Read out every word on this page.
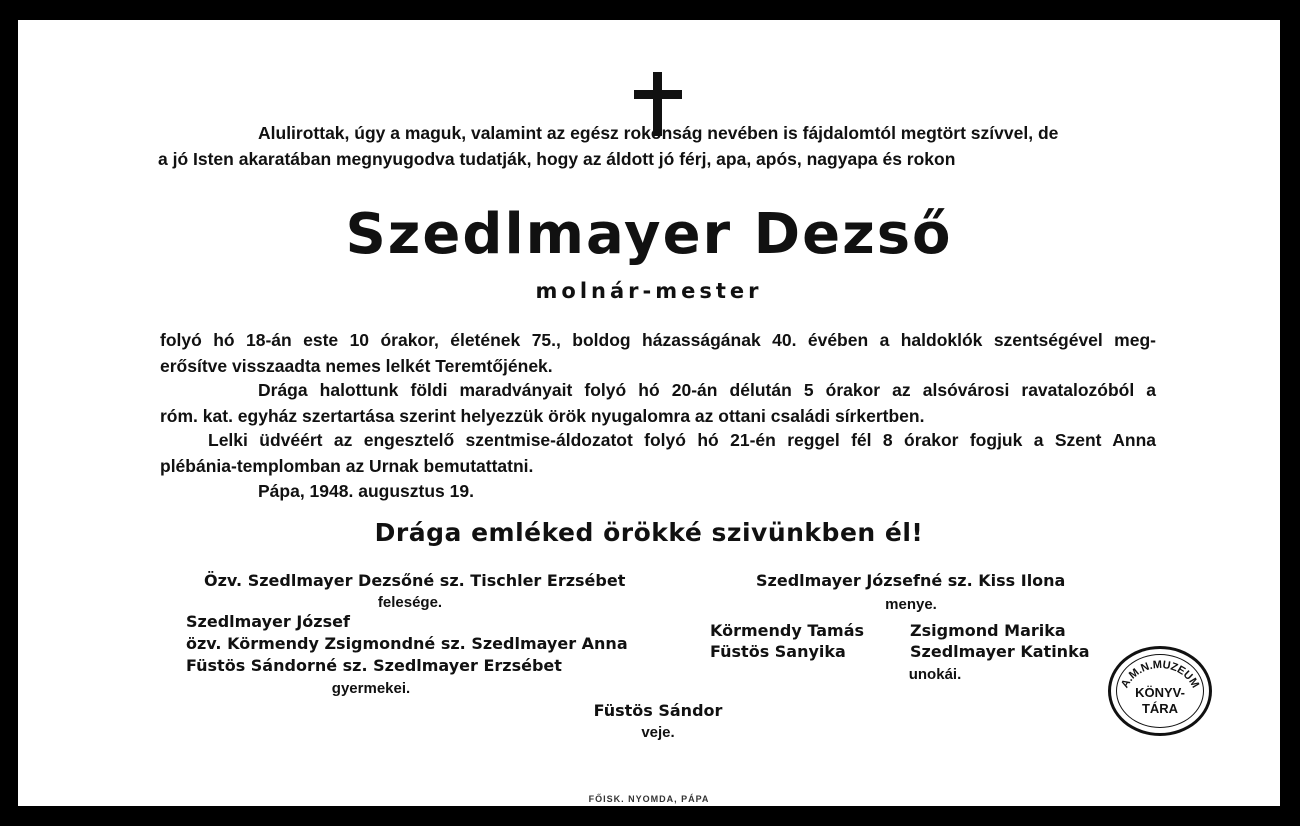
Alulirottak, úgy a maguk, valamint az egész rokonság nevében is fájdalomtól megtört szívvel, de
a jó Isten akaratában megnyugodva tudatják, hogy az áldott jó férj, apa, após, nagyapa és rokon
Szedlmayer Dezső
molnár-mester
folyó hó 18-án este 10 órakor, életének 75., boldog házasságának 40. évében a haldoklók szentségével meg-
erősítve visszaadta nemes lelkét Teremtőjének.
Drága halottunk földi maradványait folyó hó 20-án délután 5 órakor az alsóvárosi ravatalozóból a
róm. kat. egyház szertartása szerint helyezzük örök nyugalomra az ottani családi sírkertben.
Lelki üdvéért az engesztelő szentmise-áldozatot folyó hó 21-én reggel fél 8 órakor fogjuk a Szent Anna
plébánia-templomban az Urnak bemutattatni.
Pápa, 1948. augusztus 19.
Drága emléked örökké szivünkben él!
Özv. Szedlmayer Dezsőné sz. Tischler Erzsébet
felesége.
Szedlmayer József
özv. Körmendy Zsigmondné sz. Szedlmayer Anna
Füstös Sándorné sz. Szedlmayer Erzsébet
gyermekei.
Szedlmayer Józsefné sz. Kiss Ilona
menye.
Körmendy Tamás
Füstös Sanyika
Zsigmond Marika
Szedlmayer Katinka
unokái.
Füstös Sándor
veje.
A.M.N.MUZEUM
KÖNYV-
TÁRA
FŐISK. NYOMDA, PÁPA
